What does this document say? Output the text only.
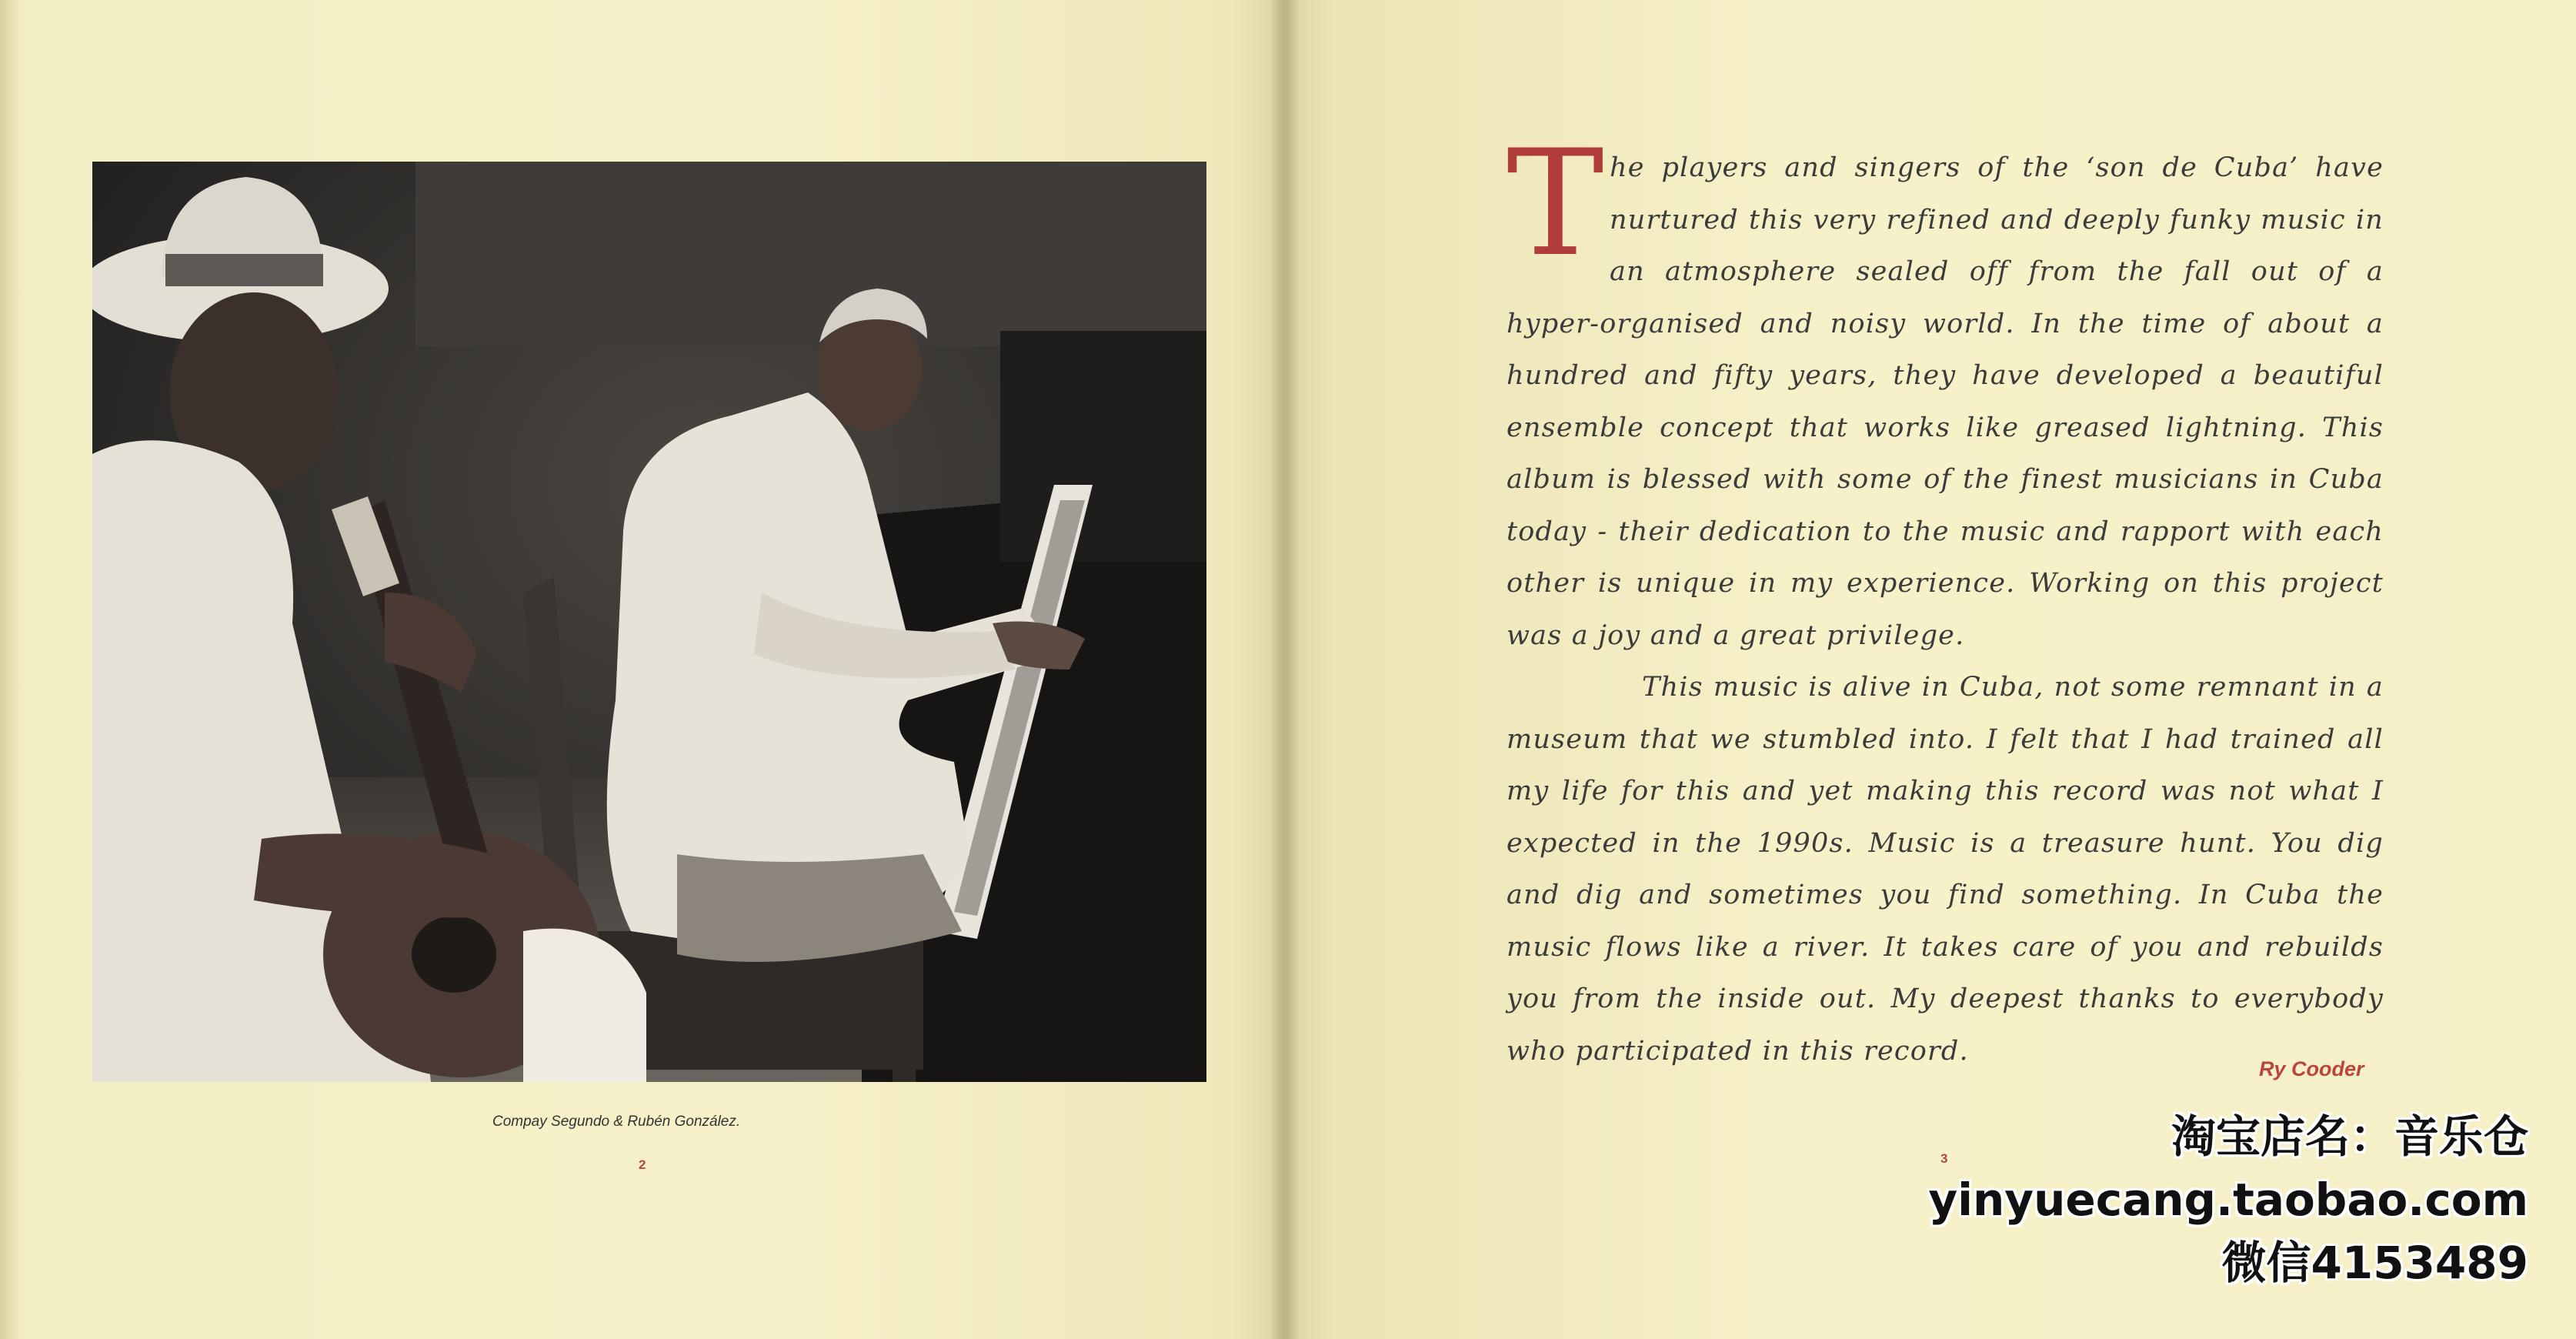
Compay Segundo & Rubén González.
2

The players and singers of the ‘son de Cuba’ have nurtured this very refined and deeply funky music in an atmosphere sealed off from the fall out of a hyper-organised and noisy world. In the time of about a hundred and fifty years, they have developed a beautiful ensemble concept that works like greased lightning. This album is blessed with some of the finest musicians in Cuba today - their dedication to the music and rapport with each other is unique in my experience. Working on this project was a joy and a great privilege.

This music is alive in Cuba, not some remnant in a museum that we stumbled into. I felt that I had trained all my life for this and yet making this record was not what I expected in the 1990s. Music is a treasure hunt. You dig and dig and sometimes you find something. In Cuba the music flows like a river. It takes care of you and rebuilds you from the inside out. My deepest thanks to everybody who participated in this record.

Ry Cooder
3	淘宝店名：音乐仓
yinyuecang.taobao.com
微信4153489
